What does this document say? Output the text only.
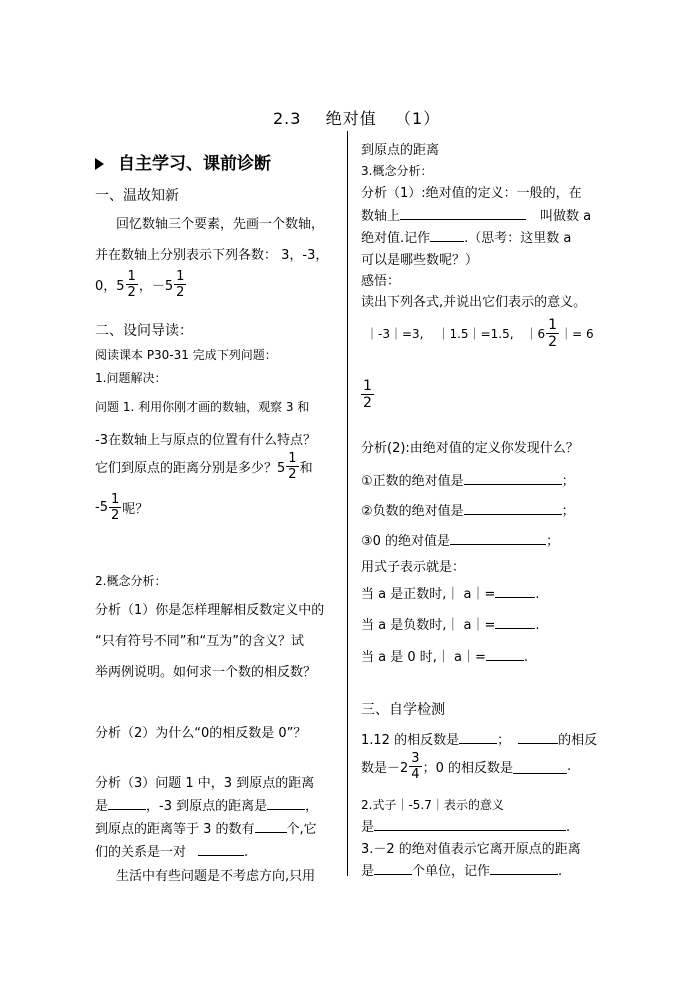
2.3    绝对值   （1）
自主学习、课前诊断
一、温故知新
回忆数轴三个要素，先画一个数轴，
并在数轴上分别表示下列各数： 3，-3，
0，$5 \frac{1}{2}$ ，$-5 \frac{1}{2}$
二、设问导读：
阅读课本 P30-31 完成下列问题：
1.问题解决：
问题 1. 利用你刚才画的数轴，观察 3 和
-3在数轴上与原点的位置有什么特点？
它们到原点的距离分别是多少？$5 \frac{1}{2}$ 和
$-5 \frac{1}{2}$ 呢？
2.概念分析：
分析（1）你是怎样理解相反数定义中的
“只有符号不同”和“互为”的含义？试
举两例说明。如何求一个数的相反数？
分析（2）为什么“0的相反数是 0”？
分析（3）问题 1 中，3 到原点的距离
是	，-3 到原点的距离是	，
到原点的距离等于 3 的数有 个,它
们的关系是一对	.
生活中有些问题是不考虑方向,只用
到原点的距离
3.概念分析：
分析（1）:绝对值的定义：一般的，在
数轴上	叫做数 a
绝对值.记作	.（思考：这里数 a
可以是哪些数呢？）
感悟：
读出下列各式,并说出它们表示的意义。
｜-3｜=3, ｜1.5｜=1.5, ｜6 $\frac{1}{2}$ ｜= 6
$\frac{1}{2}$
分析(2):由绝对值的定义你发现什么？
①正数的绝对值是	；
②负数的绝对值是	；
③0 的绝对值是	；
用式子表示就是：
当 a 是正数时,｜ a｜=	.
当 a 是负数时,｜ a｜=	.
当 a 是 0 时,｜ a｜=	.
三、自学检测
1.12 的相反数是	；	的相反
数是$-2 \frac{3}{4}$ ；0 的相反数是	.
2.式子｜-5.7｜表示的意义
是	.
3.－2 的绝对值表示它离开原点的距离
是	个单位，记作	.
